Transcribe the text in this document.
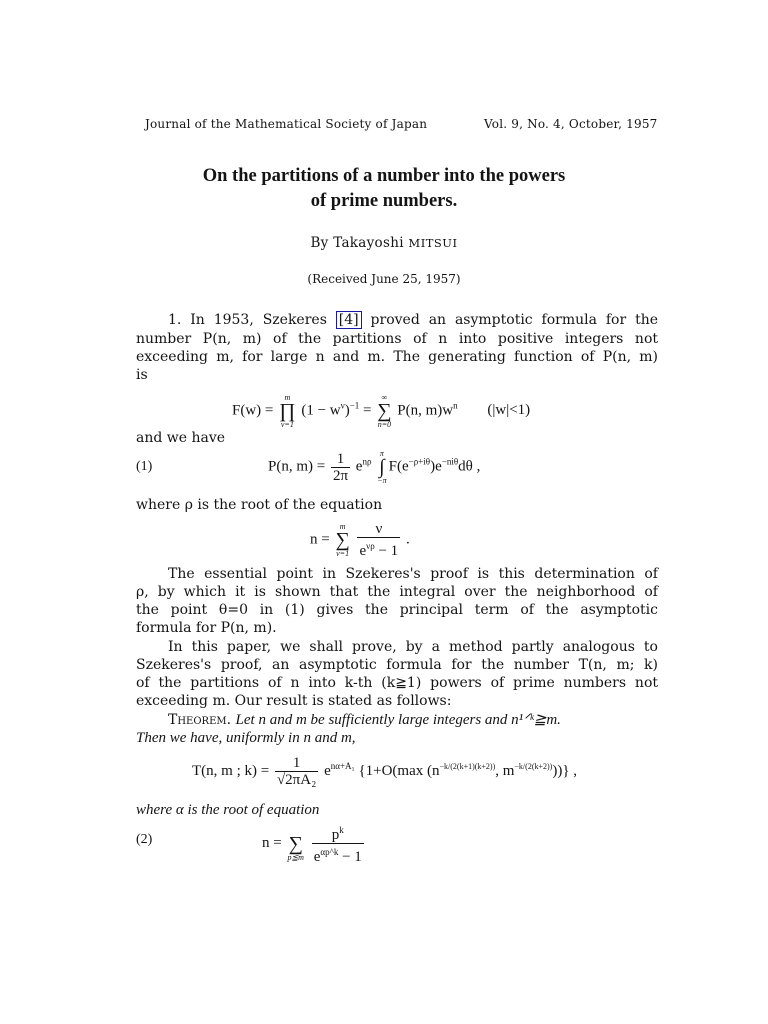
Journal of the Mathematical Society of Japan	Vol. 9, No. 4, October, 1957
On the partitions of a number into the powers
of prime numbers.
By Takayoshi MITSUI
(Received June 25, 1957)
1. In 1953, Szekeres [4] proved an asymptotic formula for the
number P(n, m) of the partitions of n into positive integers not
exceeding m, for large n and m. The generating function of P(n, m)
is
F(w) =
m
∏
ν=1
$(1 - w^\nu)^{-1}$ =
∞
∑
n=0
P(n, $m)w^n$ (|w|<1)
and we have
(1)	P(n, $m) = \frac{1}{2\pi} e^{n\rho}$
π
∫
−π
$F(e^{-\rho+i\theta})e^{-ni\theta}d\theta$ ,
where ρ is the root of the equation
n =
m
∑
ν=1
$\frac{\nu}{e^{\nu\rho} - 1}$ .
The essential point in Szekeres's proof is this determination of
ρ, by which it is shown that the integral over the neighborhood of
the point θ=0 in (1) gives the principal term of the asymptotic
formula for P(n, m).
In this paper, we shall prove, by a method partly analogous to
Szekeres's proof, an asymptotic formula for the number T(n, m; k)
of the partitions of n into k-th (k≧1) powers of prime numbers not
exceeding m. Our result is stated as follows:
Theorem. Let n and m be sufficiently large integers and n¹ᐟᵏ≧m.
Then we have, uniformly in n and m,
T(n, m ; $k) = \frac{1}{\text{√2πA₂}} e^{n\alpha+A_1}$ {1+O(max ($n^{-k/(2(k+1)(k+2))}$, $m^{-k/(2(k+2))}$))} ,
where α is the root of equation
(2)	n =
∑
p≦m
$\frac{p^k}{e^{\alpha p\^{}k} - 1}$
